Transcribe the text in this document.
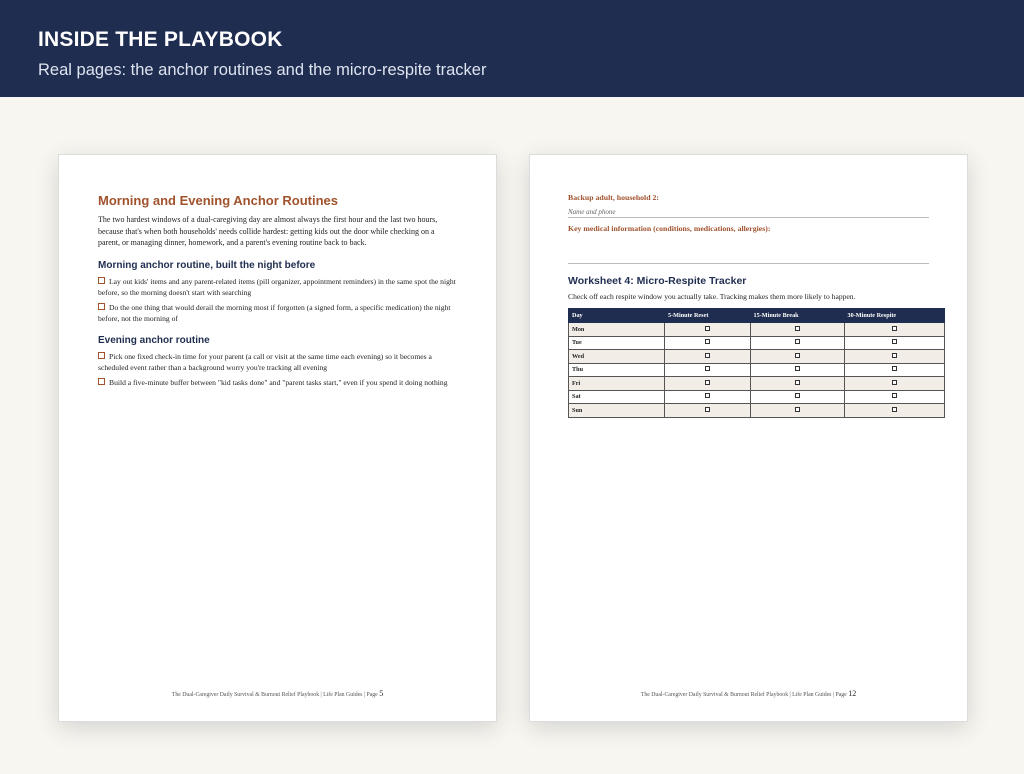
INSIDE THE PLAYBOOK

Real pages: the anchor routines and the micro-respite tracker

Morning and Evening Anchor Routines
The two hardest windows of a dual-caregiving day are almost always the first hour and the last two hours, because that's when both households' needs collide hardest: getting kids out the door while checking on a parent, or managing dinner, homework, and a parent's evening routine back to back.
Morning anchor routine, built the night before
Lay out kids' items and any parent-related items (pill organizer, appointment reminders) in the same spot the night before, so the morning doesn't start with searching
Do the one thing that would derail the morning most if forgotten (a signed form, a specific medication) the night before, not the morning of
Evening anchor routine
Pick one fixed check-in time for your parent (a call or visit at the same time each evening) so it becomes a scheduled event rather than a background worry you're tracking all evening
Build a five-minute buffer between "kid tasks done" and "parent tasks start," even if you spend it doing nothing
The Dual-Caregiver Daily Survival & Burnout Relief Playbook | Life Plan Guides | Page 5
Backup adult, household 2:
Name and phone
Key medical information (conditions, medications, allergies):
Worksheet 4: Micro-Respite Tracker
Check off each respite window you actually take. Tracking makes them more likely to happen.
Day	5-Minute Reset	15-Minute Break	30-Minute Respite
Mon			
Tue			
Wed			
Thu			
Fri			
Sat			
Sun			
The Dual-Caregiver Daily Survival & Burnout Relief Playbook | Life Plan Guides | Page 12
